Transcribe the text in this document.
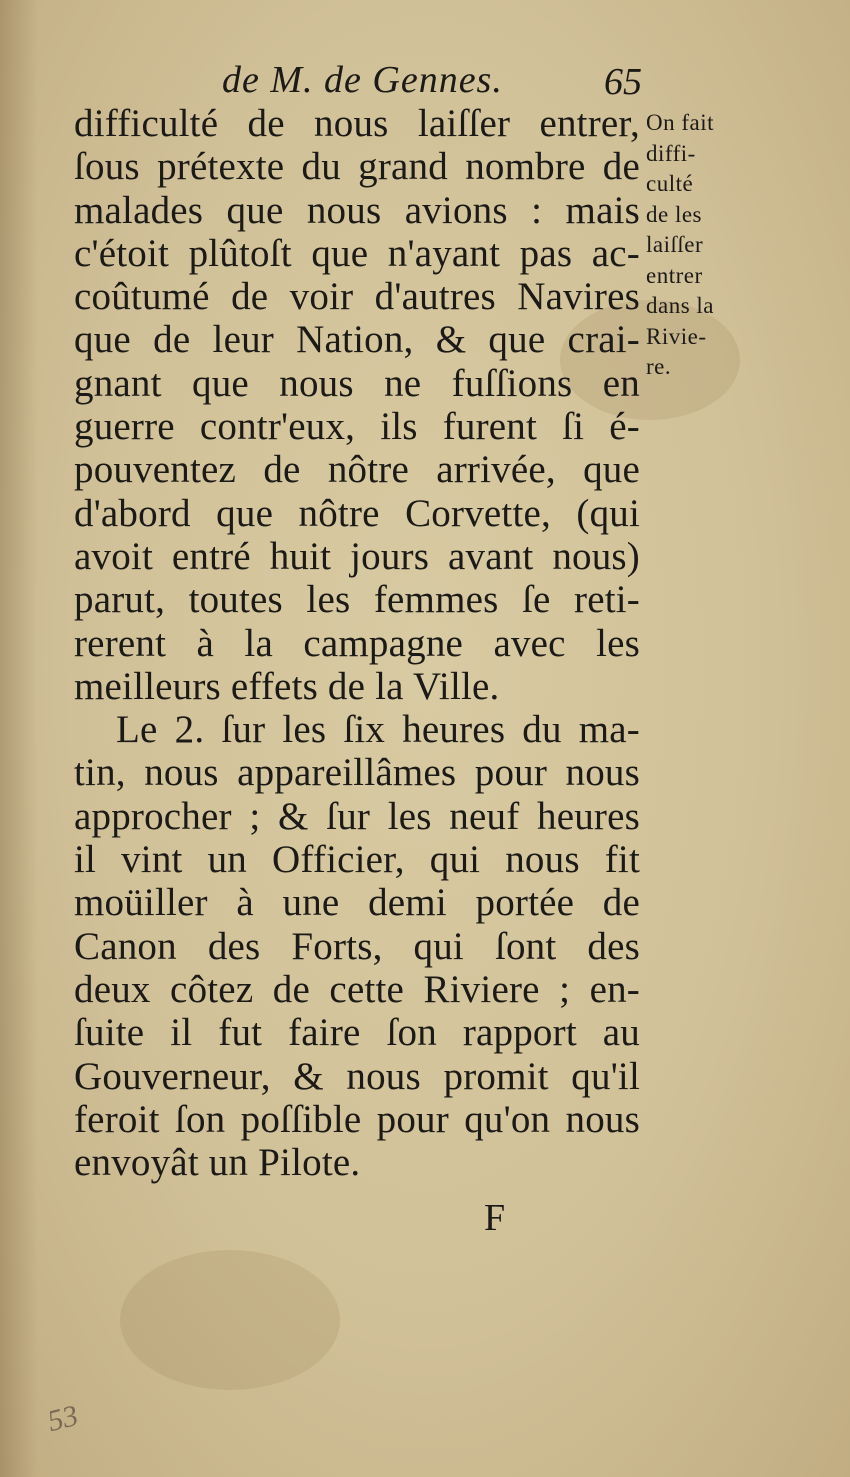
de M. de Gennes.	65
difficulté de nous laiſſer entrer,
ſous prétexte du grand nombre de
malades que nous avions : mais
c'étoit plûtoſt que n'ayant pas ac-
coûtumé de voir d'autres Navires
que de leur Nation, & que crai-
gnant que nous ne fuſſions en
guerre contr'eux, ils furent ſi é-
pouventez de nôtre arrivée, que
d'abord que nôtre Corvette, (qui
avoit entré huit jours avant nous)
parut, toutes les femmes ſe reti-
rerent à la campagne avec les
meilleurs effets de la Ville.
Le 2. ſur les ſix heures du ma-
tin, nous appareillâmes pour nous
approcher ; & ſur les neuf heures
il vint un Officier, qui nous fit
moüiller à une demi portée de
Canon des Forts, qui ſont des
deux côtez de cette Riviere ; en-
ſuite il fut faire ſon rapport au
Gouverneur, & nous promit qu'il
feroit ſon poſſible pour qu'on nous
envoyât un Pilote.
On fait
diffi-
culté
de les
laiſſer
entrer
dans la
Rivie-
re.
F
53
